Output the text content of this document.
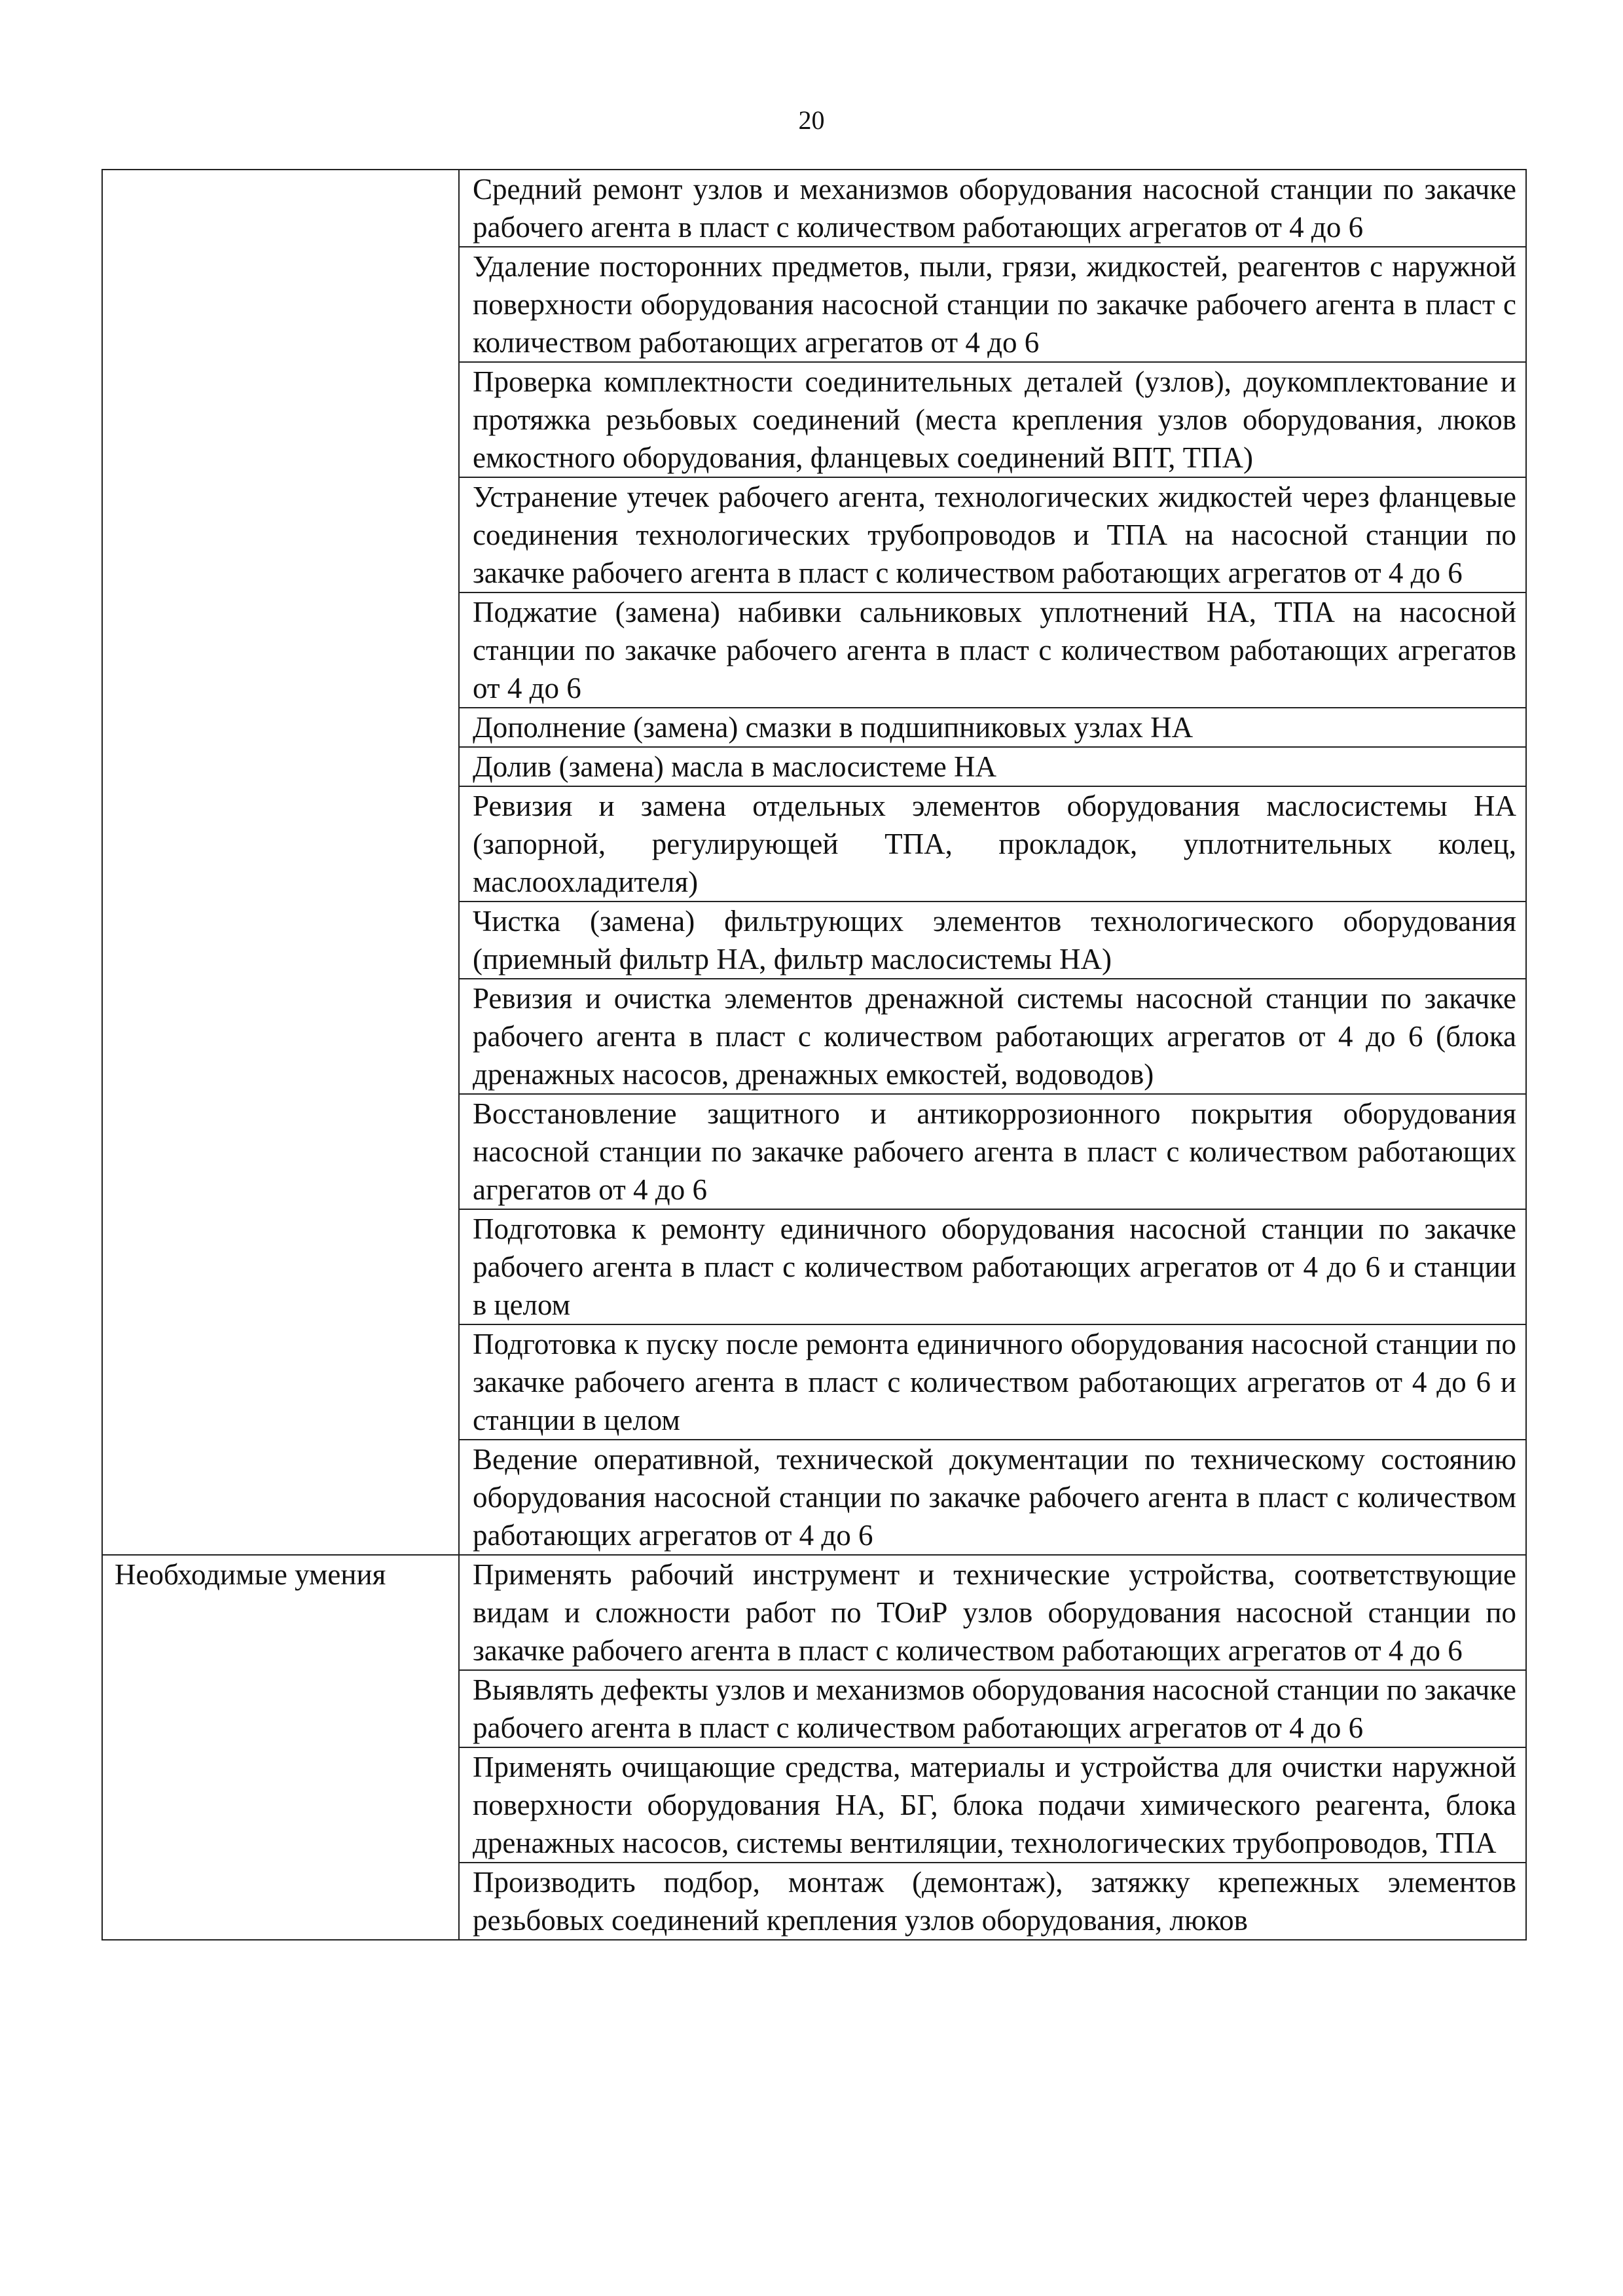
20
	Средний ремонт узлов и механизмов оборудования насосной станции по закачке рабочего агента в пласт с количеством работающих агрегатов от 4 до 6
	Удаление посторонних предметов, пыли, грязи, жидкостей, реагентов с наружной поверхности оборудования насосной станции по закачке рабочего агента в пласт с количеством работающих агрегатов от 4 до 6
	Проверка комплектности соединительных деталей (узлов), доукомплектование и протяжка резьбовых соединений (места крепления узлов оборудования, люков емкостного оборудования, фланцевых соединений ВПТ, ТПА)
	Устранение утечек рабочего агента, технологических жидкостей через фланцевые соединения технологических трубопроводов и ТПА на насосной станции по закачке рабочего агента в пласт с количеством работающих агрегатов от 4 до 6
	Поджатие (замена) набивки сальниковых уплотнений НА, ТПА на насосной станции по закачке рабочего агента в пласт с количеством работающих агрегатов от 4 до 6
	Дополнение (замена) смазки в подшипниковых узлах НА
	Долив (замена) масла в маслосистеме НА
	Ревизия и замена отдельных элементов оборудования маслосистемы НА (запорной, регулирующей ТПА, прокладок, уплотнительных колец, маслоохладителя)
	Чистка (замена) фильтрующих элементов технологического оборудования (приемный фильтр НА, фильтр маслосистемы НА)
	Ревизия и очистка элементов дренажной системы насосной станции по закачке рабочего агента в пласт с количеством работающих агрегатов от 4 до 6 (блока дренажных насосов, дренажных емкостей, водоводов)
	Восстановление защитного и антикоррозионного покрытия оборудования насосной станции по закачке рабочего агента в пласт с количеством работающих агрегатов от 4 до 6
	Подготовка к ремонту единичного оборудования насосной станции по закачке рабочего агента в пласт с количеством работающих агрегатов от 4 до 6 и станции в целом
	Подготовка к пуску после ремонта единичного оборудования насосной станции по закачке рабочего агента в пласт с количеством работающих агрегатов от 4 до 6 и станции в целом
	Ведение оперативной, технической документации по техническому состоянию оборудования насосной станции по закачке рабочего агента в пласт с количеством работающих агрегатов от 4 до 6
Необходимые умения	Применять рабочий инструмент и технические устройства, соответствующие видам и сложности работ по ТОиР узлов оборудования насосной станции по закачке рабочего агента в пласт с количеством работающих агрегатов от 4 до 6
	Выявлять дефекты узлов и механизмов оборудования насосной станции по закачке рабочего агента в пласт с количеством работающих агрегатов от 4 до 6
	Применять очищающие средства, материалы и устройства для очистки наружной поверхности оборудования НА, БГ, блока подачи химического реагента, блока дренажных насосов, системы вентиляции, технологических трубопроводов, ТПА
	Производить подбор, монтаж (демонтаж), затяжку крепежных элементов резьбовых соединений крепления узлов оборудования, люков
